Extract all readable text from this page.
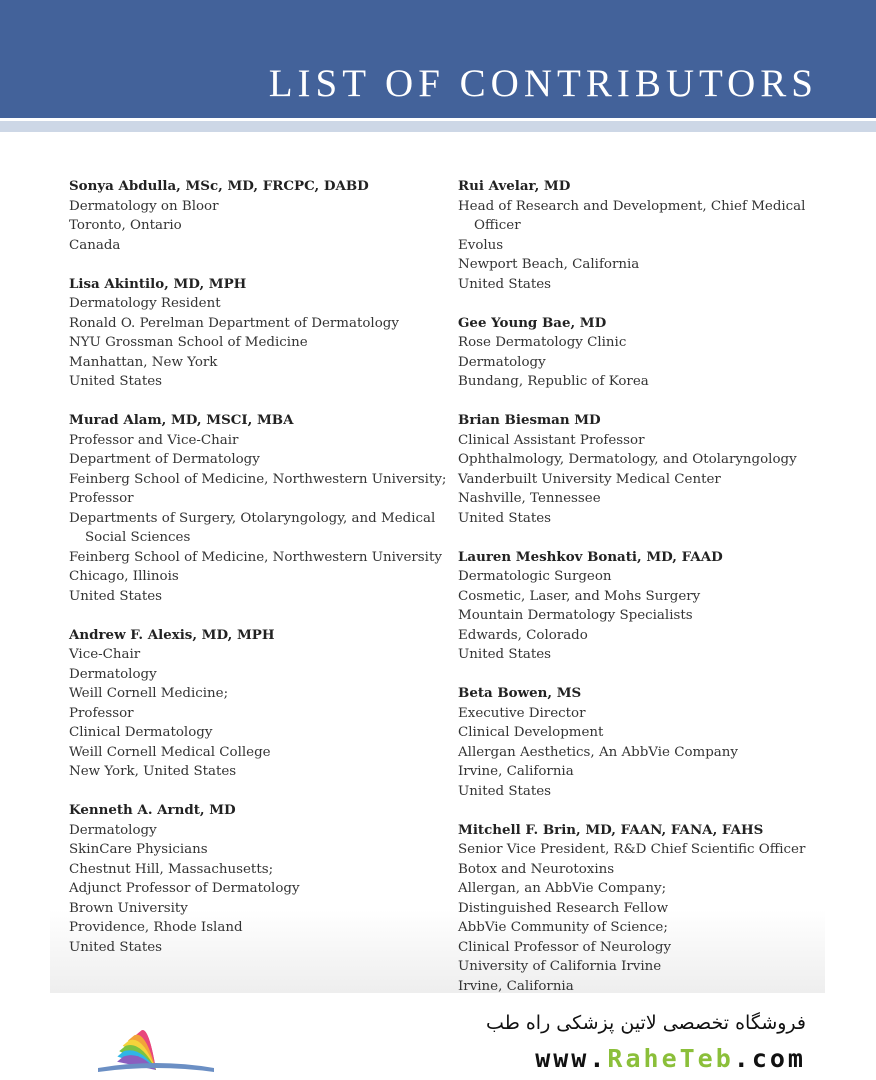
LIST OF CONTRIBUTORS
Sonya Abdulla, MSc, MD, FRCPC, DABD
Dermatology on Bloor
Toronto, Ontario
Canada
Lisa Akintilo, MD, MPH
Dermatology Resident
Ronald O. Perelman Department of Dermatology
NYU Grossman School of Medicine
Manhattan, New York
United States
Murad Alam, MD, MSCI, MBA
Professor and Vice-Chair
Department of Dermatology
Feinberg School of Medicine, Northwestern University;
Professor
Departments of Surgery, Otolaryngology, and Medical
Social Sciences
Feinberg School of Medicine, Northwestern University
Chicago, Illinois
United States
Andrew F. Alexis, MD, MPH
Vice-Chair
Dermatology
Weill Cornell Medicine;
Professor
Clinical Dermatology
Weill Cornell Medical College
New York, United States
Kenneth A. Arndt, MD
Dermatology
SkinCare Physicians
Chestnut Hill, Massachusetts;
Adjunct Professor of Dermatology
Brown University
Providence, Rhode Island
United States
Rui Avelar, MD
Head of Research and Development, Chief Medical
Officer
Evolus
Newport Beach, California
United States
Gee Young Bae, MD
Rose Dermatology Clinic
Dermatology
Bundang, Republic of Korea
Brian Biesman MD
Clinical Assistant Professor
Ophthalmology, Dermatology, and Otolaryngology
Vanderbuilt University Medical Center
Nashville, Tennessee
United States
Lauren Meshkov Bonati, MD, FAAD
Dermatologic Surgeon
Cosmetic, Laser, and Mohs Surgery
Mountain Dermatology Specialists
Edwards, Colorado
United States
Beta Bowen, MS
Executive Director
Clinical Development
Allergan Aesthetics, An AbbVie Company
Irvine, California
United States
Mitchell F. Brin, MD, FAAN, FANA, FAHS
Senior Vice President, R&D Chief Scientific Officer
Botox and Neurotoxins
Allergan, an AbbVie Company;
Distinguished Research Fellow
AbbVie Community of Science;
Clinical Professor of Neurology
University of California Irvine
Irvine, California
فروشگاه تخصصی لاتین پزشکی راه طب
www.RaheTeb.com
